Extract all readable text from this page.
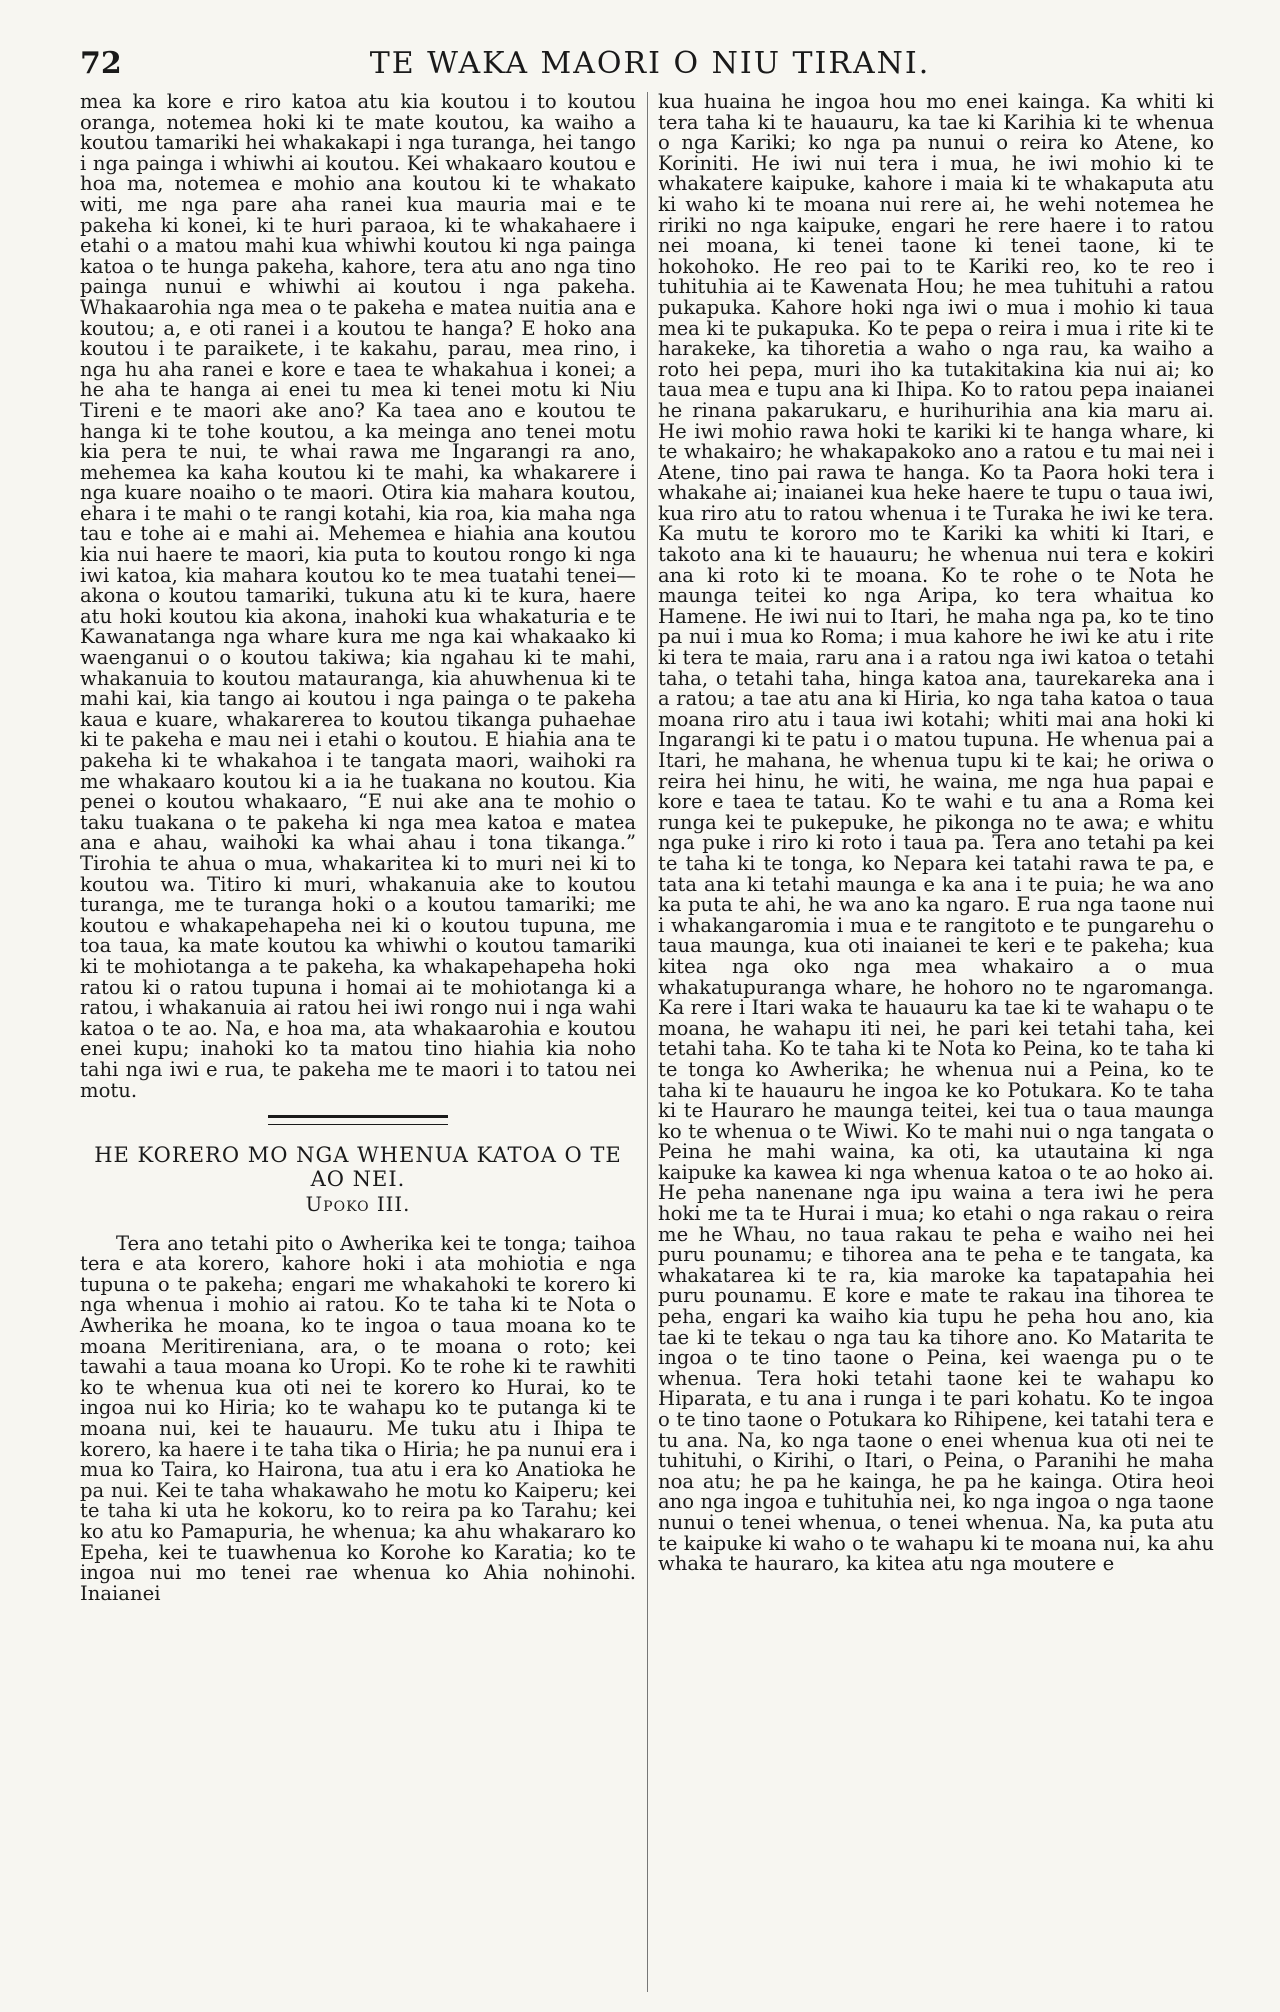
72	TE WAKA MAORI O NIU TIRANI.

mea ka kore e riro katoa atu kia koutou i to koutou oranga, notemea hoki ki te mate koutou, ka waiho a koutou tamariki hei whakakapi i nga turanga, hei tango i nga painga i whiwhi ai koutou. Kei whakaaro koutou e hoa ma, notemea e mohio ana koutou ki te whakato witi, me nga pare aha ranei kua mauria mai e te pakeha ki konei, ki te huri paraoa, ki te whakahaere i etahi o a matou mahi kua whiwhi koutou ki nga painga katoa o te hunga pakeha, kahore, tera atu ano nga tino painga nunui e whiwhi ai koutou i nga pakeha. Whakaarohia nga mea o te pakeha e matea nuitia ana e koutou; a, e oti ranei i a koutou te hanga? E hoko ana koutou i te paraikete, i te kakahu, parau, mea rino, i nga hu aha ranei e kore e taea te whakahua i konei; a he aha te hanga ai enei tu mea ki tenei motu ki Niu Tireni e te maori ake ano? Ka taea ano e koutou te hanga ki te tohe koutou, a ka meinga ano tenei motu kia pera te nui, te whai rawa me Ingarangi ra ano, mehemea ka kaha koutou ki te mahi, ka whakarere i nga kuare noaiho o te maori. Otira kia mahara koutou, ehara i te mahi o te rangi kotahi, kia roa, kia maha nga tau e tohe ai e mahi ai. Mehemea e hiahia ana koutou kia nui haere te maori, kia puta to koutou rongo ki nga iwi katoa, kia mahara koutou ko te mea tuatahi tenei—akona o koutou tamariki, tukuna atu ki te kura, haere atu hoki koutou kia akona, inahoki kua whakaturia e te Kawanatanga nga whare kura me nga kai whakaako ki waenganui o o koutou takiwa; kia ngahau ki te mahi, whakanuia to koutou matauranga, kia ahuwhenua ki te mahi kai, kia tango ai koutou i nga painga o te pakeha kaua e kuare, whakarerea to koutou tikanga puhaehae ki te pakeha e mau nei i etahi o koutou. E hiahia ana te pakeha ki te whakahoa i te tangata maori, waihoki ra me whakaaro koutou ki a ia he tuakana no koutou. Kia penei o koutou whakaaro, “E nui ake ana te mohio o taku tuakana o te pakeha ki nga mea katoa e matea ana e ahau, waihoki ka whai ahau i tona tikanga.” Tirohia te ahua o mua, whakaritea ki to muri nei ki to koutou wa. Titiro ki muri, whakanuia ake to koutou turanga, me te turanga hoki o a koutou tamariki; me koutou e whakapehapeha nei ki o koutou tupuna, me toa taua, ka mate koutou ka whiwhi o koutou tamariki ki te mohiotanga a te pakeha, ka whakapehapeha hoki ratou ki o ratou tupuna i homai ai te mohiotanga ki a ratou, i whakanuia ai ratou hei iwi rongo nui i nga wahi katoa o te ao. Na, e hoa ma, ata whakaarohia e koutou enei kupu; inahoki ko ta matou tino hiahia kia noho tahi nga iwi e rua, te pakeha me te maori i to tatou nei motu.

HE KORERO MO NGA WHENUA KATOA O TE AO NEI.
Upoko III.

Tera ano tetahi pito o Awherika kei te tonga; taihoa tera e ata korero, kahore hoki i ata mohiotia e nga tupuna o te pakeha; engari me whakahoki te korero ki nga whenua i mohio ai ratou. Ko te taha ki te Nota o Awherika he moana, ko te ingoa o taua moana ko te moana Meritireniana, ara, o te moana o roto; kei tawahi a taua moana ko Uropi. Ko te rohe ki te rawhiti ko te whenua kua oti nei te korero ko Hurai, ko te ingoa nui ko Hiria; ko te wahapu ko te putanga ki te moana nui, kei te hauauru. Me tuku atu i Ihipa te korero, ka haere i te taha tika o Hiria; he pa nunui era i mua ko Taira, ko Hairona, tua atu i era ko Anatioka he pa nui. Kei te taha whakawaho he motu ko Kaiperu; kei te taha ki uta he kokoru, ko to reira pa ko Tarahu; kei ko atu ko Pamapuria, he whenua; ka ahu whakararo ko Epeha, kei te tuawhenua ko Korohe ko Karatia; ko te ingoa nui mo tenei rae whenua ko Ahia nohinohi. Inaianei

kua huaina he ingoa hou mo enei kainga. Ka whiti ki tera taha ki te hauauru, ka tae ki Karihia ki te whenua o nga Kariki; ko nga pa nunui o reira ko Atene, ko Koriniti. He iwi nui tera i mua, he iwi mohio ki te whakatere kaipuke, kahore i maia ki te whakaputa atu ki waho ki te moana nui rere ai, he wehi notemea he ririki no nga kaipuke, engari he rere haere i to ratou nei moana, ki tenei taone ki tenei taone, ki te hokohoko. He reo pai to te Kariki reo, ko te reo i tuhituhia ai te Kawenata Hou; he mea tuhituhi a ratou pukapuka. Kahore hoki nga iwi o mua i mohio ki taua mea ki te pukapuka. Ko te pepa o reira i mua i rite ki te harakeke, ka tihoretia a waho o nga rau, ka waiho a roto hei pepa, muri iho ka tutakitakina kia nui ai; ko taua mea e tupu ana ki Ihipa. Ko to ratou pepa inaianei he rinana pakarukaru, e hurihurihia ana kia maru ai. He iwi mohio rawa hoki te kariki ki te hanga whare, ki te whakairo; he whakapakoko ano a ratou e tu mai nei i Atene, tino pai rawa te hanga. Ko ta Paora hoki tera i whakahe ai; inaianei kua heke haere te tupu o taua iwi, kua riro atu to ratou whenua i te Turaka he iwi ke tera. Ka mutu te kororo mo te Kariki ka whiti ki Itari, e takoto ana ki te hauauru; he whenua nui tera e kokiri ana ki roto ki te moana. Ko te rohe o te Nota he maunga teitei ko nga Aripa, ko tera whaitua ko Hamene. He iwi nui to Itari, he maha nga pa, ko te tino pa nui i mua ko Roma; i mua kahore he iwi ke atu i rite ki tera te maia, raru ana i a ratou nga iwi katoa o tetahi taha, o tetahi taha, hinga katoa ana, taurekareka ana i a ratou; a tae atu ana ki Hiria, ko nga taha katoa o taua moana riro atu i taua iwi kotahi; whiti mai ana hoki ki Ingarangi ki te patu i o matou tupuna. He whenua pai a Itari, he mahana, he whenua tupu ki te kai; he oriwa o reira hei hinu, he witi, he waina, me nga hua papai e kore e taea te tatau. Ko te wahi e tu ana a Roma kei runga kei te pukepuke, he pikonga no te awa; e whitu nga puke i riro ki roto i taua pa. Tera ano tetahi pa kei te taha ki te tonga, ko Nepara kei tatahi rawa te pa, e tata ana ki tetahi maunga e ka ana i te puia; he wa ano ka puta te ahi, he wa ano ka ngaro. E rua nga taone nui i whakangaromia i mua e te rangitoto e te pungarehu o taua maunga, kua oti inaianei te keri e te pakeha; kua kitea nga oko nga mea whakairo a o mua whakatupuranga whare, he hohoro no te ngaromanga. Ka rere i Itari waka te hauauru ka tae ki te wahapu o te moana, he wahapu iti nei, he pari kei tetahi taha, kei tetahi taha. Ko te taha ki te Nota ko Peina, ko te taha ki te tonga ko Awherika; he whenua nui a Peina, ko te taha ki te hauauru he ingoa ke ko Potukara. Ko te taha ki te Hauraro he maunga teitei, kei tua o taua maunga ko te whenua o te Wiwi. Ko te mahi nui o nga tangata o Peina he mahi waina, ka oti, ka utautaina ki nga kaipuke ka kawea ki nga whenua katoa o te ao hoko ai. He peha nanenane nga ipu waina a tera iwi he pera hoki me ta te Hurai i mua; ko etahi o nga rakau o reira me he Whau, no taua rakau te peha e waiho nei hei puru pounamu; e tihorea ana te peha e te tangata, ka whakatarea ki te ra, kia maroke ka tapatapahia hei puru pounamu. E kore e mate te rakau ina tihorea te peha, engari ka waiho kia tupu he peha hou ano, kia tae ki te tekau o nga tau ka tihore ano. Ko Matarita te ingoa o te tino taone o Peina, kei waenga pu o te whenua. Tera hoki tetahi taone kei te wahapu ko Hiparata, e tu ana i runga i te pari kohatu. Ko te ingoa o te tino taone o Potukara ko Rihipene, kei tatahi tera e tu ana. Na, ko nga taone o enei whenua kua oti nei te tuhituhi, o Kirihi, o Itari, o Peina, o Paranihi he maha noa atu; he pa he kainga, he pa he kainga. Otira heoi ano nga ingoa e tuhituhia nei, ko nga ingoa o nga taone nunui o tenei whenua, o tenei whenua. Na, ka puta atu te kaipuke ki waho o te wahapu ki te moana nui, ka ahu whaka te hauraro, ka kitea atu nga moutere e
